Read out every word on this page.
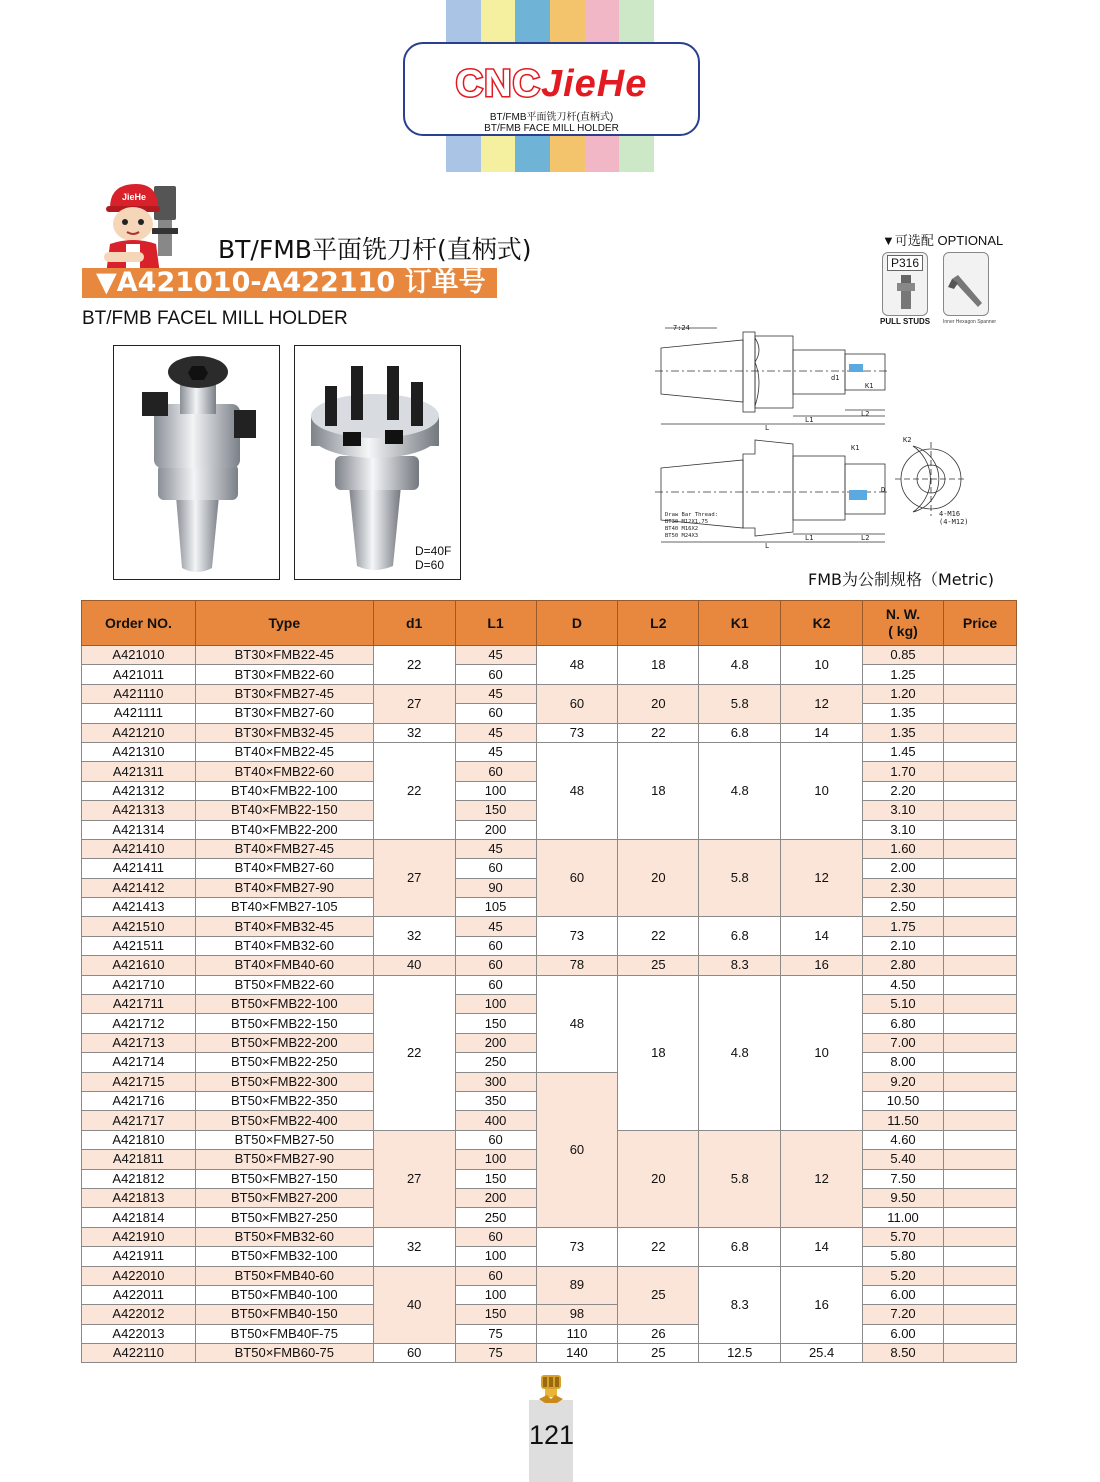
CNCJieHe
BT/FMB平面铣刀杆(直柄式)
BT/FMB FACE MILL HOLDER
JieHe
BT/FMB平面铣刀杆(直柄式)
▼A421010-A422110 订单号
BT/FMB FACEL MILL HOLDER
D=40F
D=60
▼可选配 OPTIONAL
P316
PULL STUDS	Inner Hexagon Spanner
7:24
L
L1
L2
K1
d1
L
L1	L2
K1
D
K2
4-M16
(4-M12)
Draw Bar Thread:
BT30 M12X1.75
BT40 M16X2
BT50 M24X3
FMB为公制规格（Metric)
Order NO.	Type	d1	L1	D	L2	K1	K2	N. W.
( kg)	Price
A421010	BT30×FMB22-45	22	45	48	18	4.8	10	0.85	
A421011	BT30×FMB22-60		60					1.25	
A421110	BT30×FMB27-45	27	45	60	20	5.8	12	1.20	
A421111	BT30×FMB27-60		60					1.35	
A421210	BT30×FMB32-45	32	45	73	22	6.8	14	1.35	
A421310	BT40×FMB22-45	22	45	48	18	4.8	10	1.45	
A421311	BT40×FMB22-60		60					1.70	
A421312	BT40×FMB22-100		100					2.20	
A421313	BT40×FMB22-150		150					3.10	
A421314	BT40×FMB22-200		200					3.10	
A421410	BT40×FMB27-45	27	45	60	20	5.8	12	1.60	
A421411	BT40×FMB27-60		60					2.00	
A421412	BT40×FMB27-90		90					2.30	
A421413	BT40×FMB27-105		105					2.50	
A421510	BT40×FMB32-45	32	45	73	22	6.8	14	1.75	
A421511	BT40×FMB32-60		60					2.10	
A421610	BT40×FMB40-60	40	60	78	25	8.3	16	2.80	
A421710	BT50×FMB22-60	22	60	48	18	4.8	10	4.50	
A421711	BT50×FMB22-100		100					5.10	
A421712	BT50×FMB22-150		150					6.80	
A421713	BT50×FMB22-200		200					7.00	
A421714	BT50×FMB22-250		250					8.00	
A421715	BT50×FMB22-300		300	60				9.20	
A421716	BT50×FMB22-350		350					10.50	
A421717	BT50×FMB22-400		400					11.50	
A421810	BT50×FMB27-50	27	60		20	5.8	12	4.60	
A421811	BT50×FMB27-90		100					5.40	
A421812	BT50×FMB27-150		150					7.50	
A421813	BT50×FMB27-200		200					9.50	
A421814	BT50×FMB27-250		250					11.00	
A421910	BT50×FMB32-60	32	60	73	22	6.8	14	5.70	
A421911	BT50×FMB32-100		100					5.80	
A422010	BT50×FMB40-60	40	60	89	25	8.3	16	5.20	
A422011	BT50×FMB40-100		100					6.00	
A422012	BT50×FMB40-150		150	98				7.20	
A422013	BT50×FMB40F-75		75	110	26			6.00	
A422110	BT50×FMB60-75	60	75	140	25	12.5	25.4	8.50	
121
